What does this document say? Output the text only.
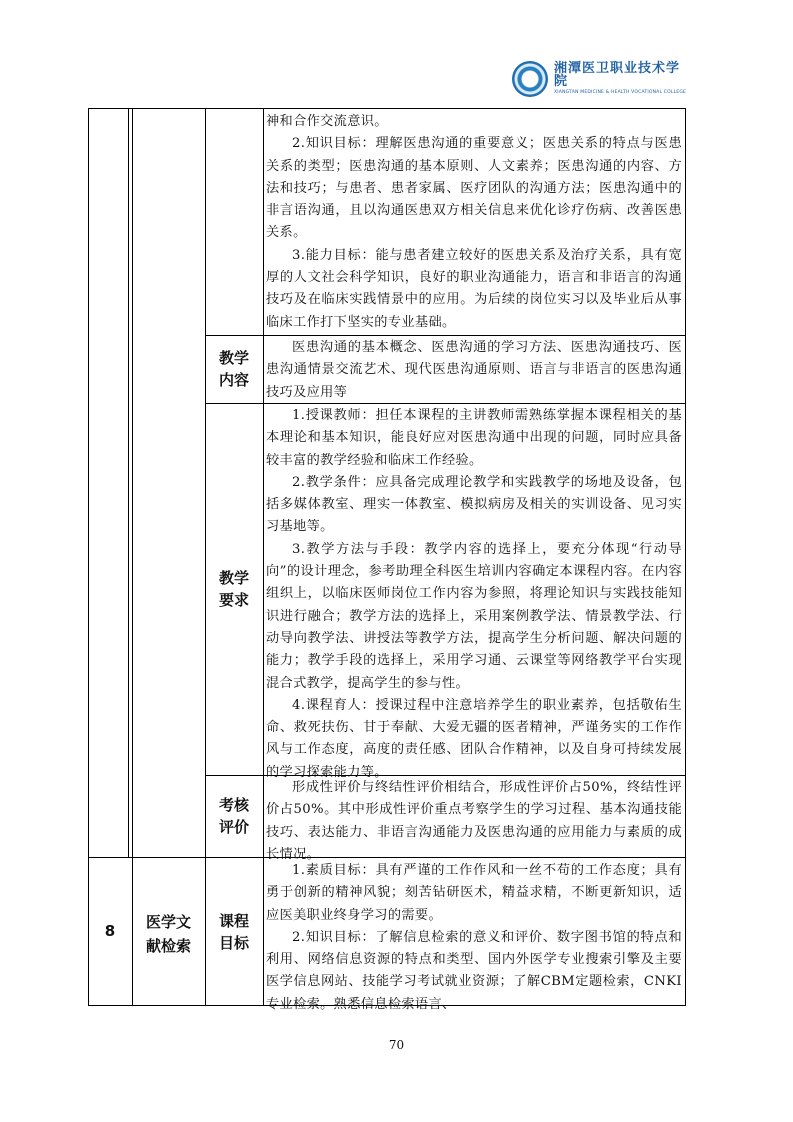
湘潭医卫职业技术学院
XIANGTAN MEDICINE & HEALTH VOCATIONAL COLLEGE

神和合作交流意识。

2.知识目标：理解医患沟通的重要意义；医患关系的特点与医患关系的类型；医患沟通的基本原则、人文素养；医患沟通的内容、方法和技巧；与患者、患者家属、医疗团队的沟通方法；医患沟通中的非言语沟通，且以沟通医患双方相关信息来优化诊疗伤病、改善医患关系。

3.能力目标：能与患者建立较好的医患关系及治疗关系，具有宽厚的人文社会科学知识，良好的职业沟通能力，语言和非语言的沟通技巧及在临床实践情景中的应用。为后续的岗位实习以及毕业后从事临床工作打下坚实的专业基础。

教学
内容

医患沟通的基本概念、医患沟通的学习方法、医患沟通技巧、医患沟通情景交流艺术、现代医患沟通原则、语言与非语言的医患沟通技巧及应用等

教学
要求

1.授课教师：担任本课程的主讲教师需熟练掌握本课程相关的基本理论和基本知识，能良好应对医患沟通中出现的问题，同时应具备较丰富的教学经验和临床工作经验。

2.教学条件：应具备完成理论教学和实践教学的场地及设备，包括多媒体教室、理实一体教室、模拟病房及相关的实训设备、见习实习基地等。

3.教学方法与手段：教学内容的选择上，要充分体现“行动导向”的设计理念，参考助理全科医生培训内容确定本课程内容。在内容组织上，以临床医师岗位工作内容为参照，将理论知识与实践技能知识进行融合；教学方法的选择上，采用案例教学法、情景教学法、行动导向教学法、讲授法等教学方法，提高学生分析问题、解决问题的能力；教学手段的选择上，采用学习通、云课堂等网络教学平台实现混合式教学，提高学生的参与性。

4.课程育人：授课过程中注意培养学生的职业素养，包括敬佑生命、救死扶伤、甘于奉献、大爱无疆的医者精神，严谨务实的工作作风与工作态度，高度的责任感、团队合作精神，以及自身可持续发展的学习探索能力等。

考核
评价

形成性评价与终结性评价相结合，形成性评价占50%，终结性评价占50%。其中形成性评价重点考察学生的学习过程、基本沟通技能技巧、表达能力、非语言沟通能力及医患沟通的应用能力与素质的成长情况。

8	医学文
献检索
课程
目标

1.素质目标：具有严谨的工作作风和一丝不苟的工作态度；具有勇于创新的精神风貌；刻苦钻研医术，精益求精，不断更新知识，适应医美职业终身学习的需要。

2.知识目标：了解信息检索的意义和评价、数字图书馆的特点和利用、网络信息资源的特点和类型、国内外医学专业搜索引擎及主要医学信息网站、技能学习考试就业资源；了解CBM定题检索，CNKI专业检索。熟悉信息检索语言、

70
